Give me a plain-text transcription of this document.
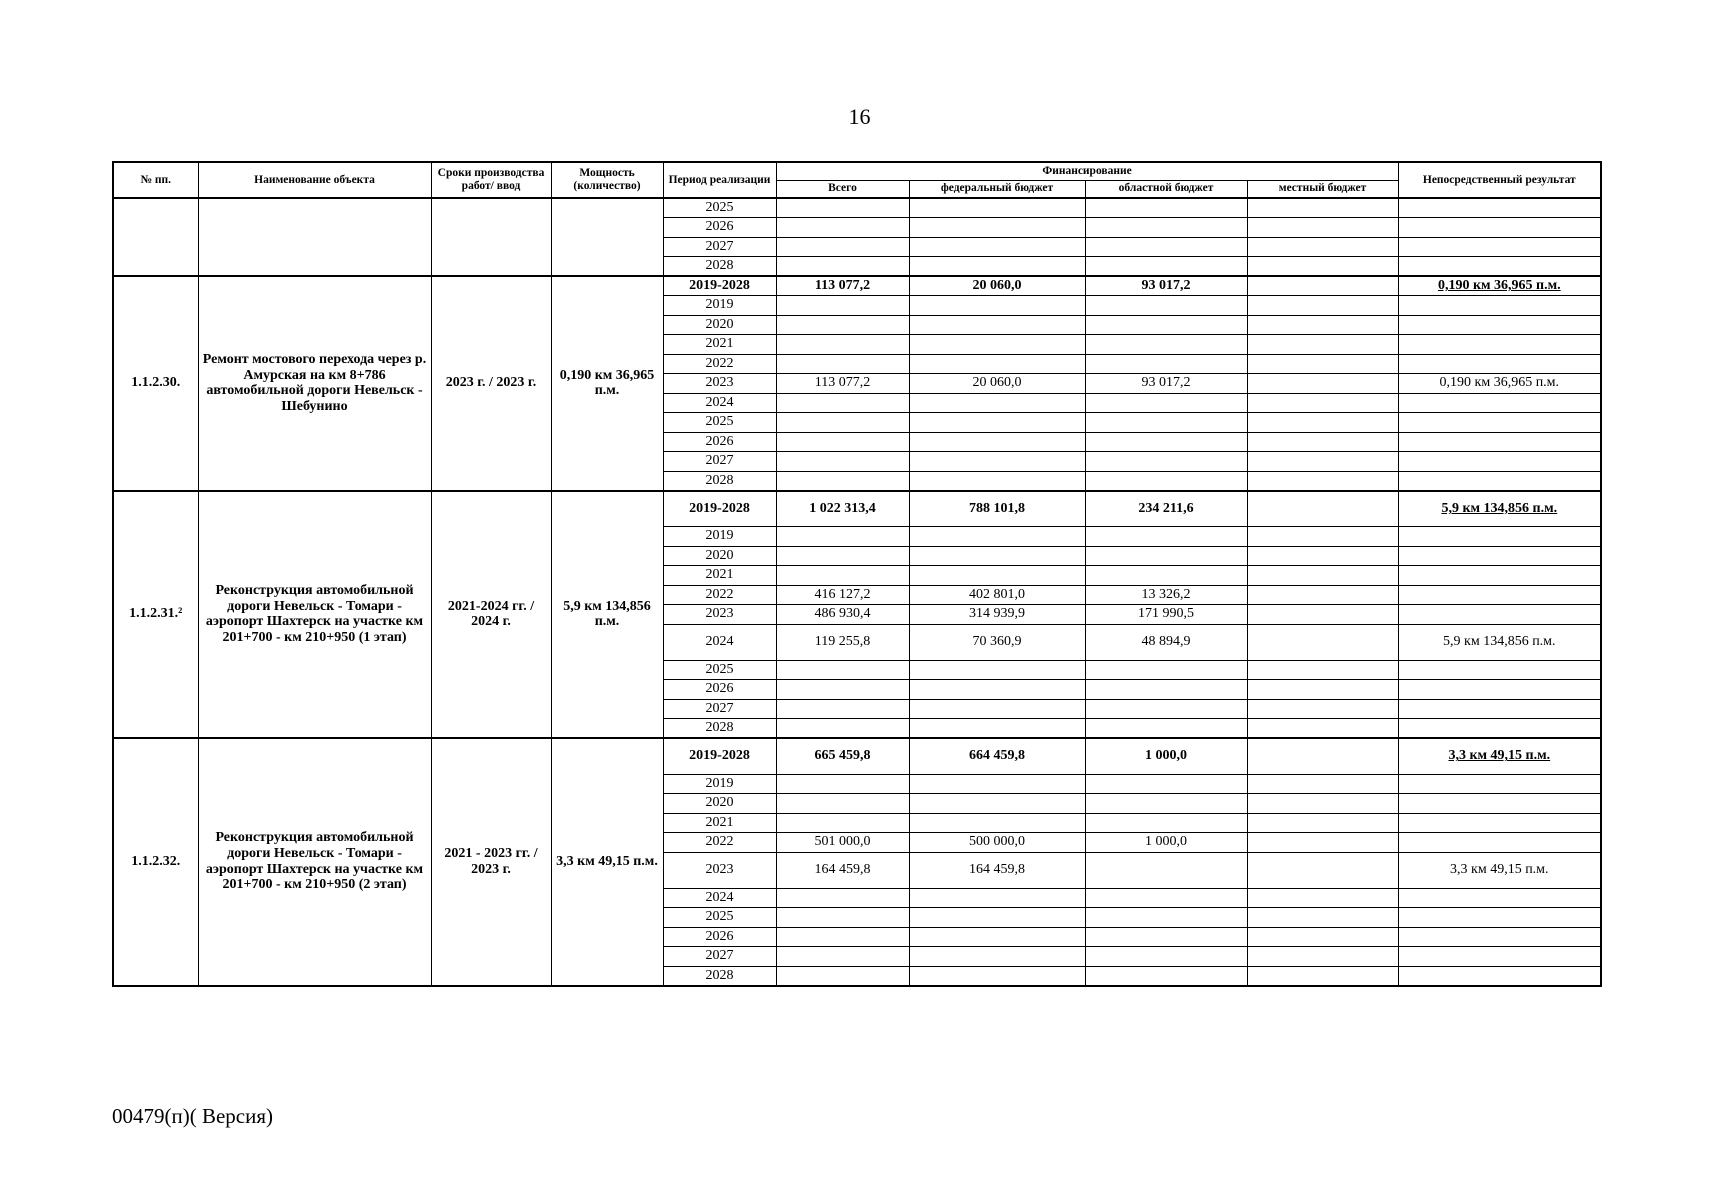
16
№ пп.	Наименование объекта	Сроки производства работ/ ввод	Мощность (количество)	Период реализации	Финансирование				Непосредственный результат
					Всего	федеральный бюджет	областной бюджет	местный бюджет	
				2025					
				2026					
				2027					
				2028					
1.1.2.30.	Ремонт мостового перехода через р. Амурская на км 8+786 автомобильной дороги Невельск - Шебунино	2023 г. / 2023 г.	0,190 км 36,965 п.м.	2019-2028	113 077,2	20 060,0	93 017,2		0,190 км 36,965 п.м.
				2019					
				2020					
				2021					
				2022					
				2023	113 077,2	20 060,0	93 017,2		0,190 км 36,965 п.м.
				2024					
				2025					
				2026					
				2027					
				2028					
1.1.2.31.²	Реконструкция автомобильной дороги Невельск - Томари - аэропорт Шахтерск на участке км 201+700 - км 210+950 (1 этап)	2021-2024 гг. / 2024 г.	5,9 км 134,856 п.м.	2019-2028	1 022 313,4	788 101,8	234 211,6		5,9 км 134,856 п.м.
				2019					
				2020					
				2021					
				2022	416 127,2	402 801,0	13 326,2		
				2023	486 930,4	314 939,9	171 990,5		
				2024	119 255,8	70 360,9	48 894,9		5,9 км 134,856 п.м.
				2025					
				2026					
				2027					
				2028					
1.1.2.32.	Реконструкция автомобильной дороги Невельск - Томари - аэропорт Шахтерск на участке км 201+700 - км 210+950 (2 этап)	2021 - 2023 гг. / 2023 г.	3,3 км 49,15 п.м.	2019-2028	665 459,8	664 459,8	1 000,0		3,3 км 49,15 п.м.
				2019					
				2020					
				2021					
				2022	501 000,0	500 000,0	1 000,0		
				2023	164 459,8	164 459,8			3,3 км 49,15 п.м.
				2024					
				2025					
				2026					
				2027					
				2028					
00479(п)( Версия)
